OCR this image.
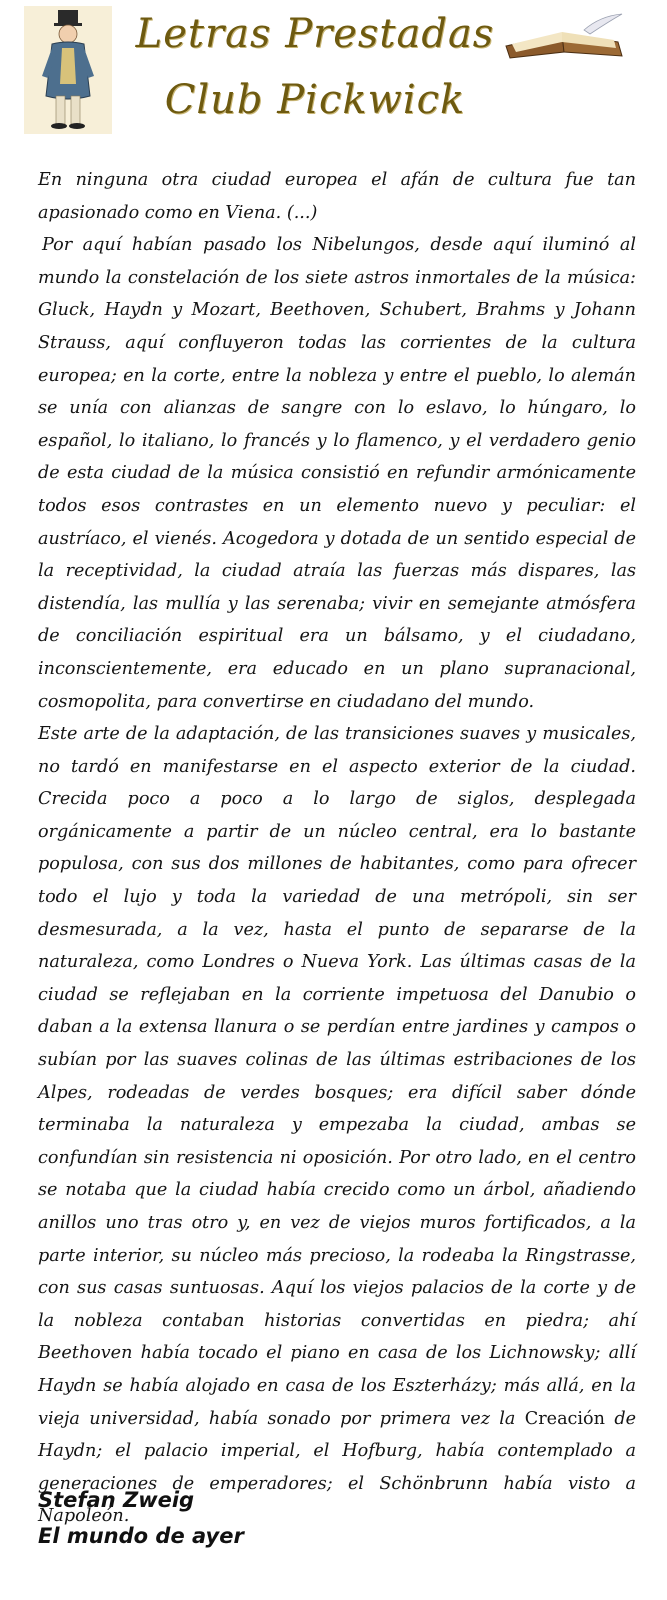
Letras Prestadas
Club Pickwick

En ninguna otra ciudad europea el afán de cultura fue tan apasionado como en Viena. (...)

Por aquí habían pasado los Nibelungos, desde aquí iluminó al mundo la constelación de los siete astros inmortales de la música: Gluck, Haydn y Mozart, Beethoven, Schubert, Brahms y Johann Strauss, aquí confluyeron todas las corrientes de la cultura europea; en la corte, entre la nobleza y entre el pueblo, lo alemán se unía con alianzas de sangre con lo eslavo, lo húngaro, lo español, lo italiano, lo francés y lo flamenco, y el verdadero genio de esta ciudad de la música consistió en refundir armónicamente todos esos contrastes en un elemento nuevo y peculiar: el austríaco, el vienés. Acogedora y dotada de un sentido especial de la receptividad, la ciudad atraía las fuerzas más dispares, las distendía, las mullía y las serenaba; vivir en semejante atmósfera de conciliación espiritual era un bálsamo, y el ciudadano, inconscientemente, era educado en un plano supranacional, cosmopolita, para convertirse en ciudadano del mundo.

Este arte de la adaptación, de las transiciones suaves y musicales, no tardó en manifestarse en el aspecto exterior de la ciudad. Crecida poco a poco a lo largo de siglos, desplegada orgánicamente a partir de un núcleo central, era lo bastante populosa, con sus dos millones de habitantes, como para ofrecer todo el lujo y toda la variedad de una metrópoli, sin ser desmesurada, a la vez, hasta el punto de separarse de la naturaleza, como Londres o Nueva York. Las últimas casas de la ciudad se reflejaban en la corriente impetuosa del Danubio o daban a la extensa llanura o se perdían entre jardines y campos o subían por las suaves colinas de las últimas estribaciones de los Alpes, rodeadas de verdes bosques; era difícil saber dónde terminaba la naturaleza y empezaba la ciudad, ambas se confundían sin resistencia ni oposición. Por otro lado, en el centro se notaba que la ciudad había crecido como un árbol, añadiendo anillos uno tras otro y, en vez de viejos muros fortificados, a la parte interior, su núcleo más precioso, la rodeaba la Ringstrasse, con sus casas suntuosas. Aquí los viejos palacios de la corte y de la nobleza contaban historias convertidas en piedra; ahí Beethoven había tocado el piano en casa de los Lichnowsky; allí Haydn se había alojado en casa de los Eszterházy; más allá, en la vieja universidad, había sonado por primera vez la Creación de Haydn; el palacio imperial, el Hofburg, había contemplado a generaciones de emperadores; el Schönbrunn había visto a Napoleón.

Stefan Zweig
El mundo de ayer
